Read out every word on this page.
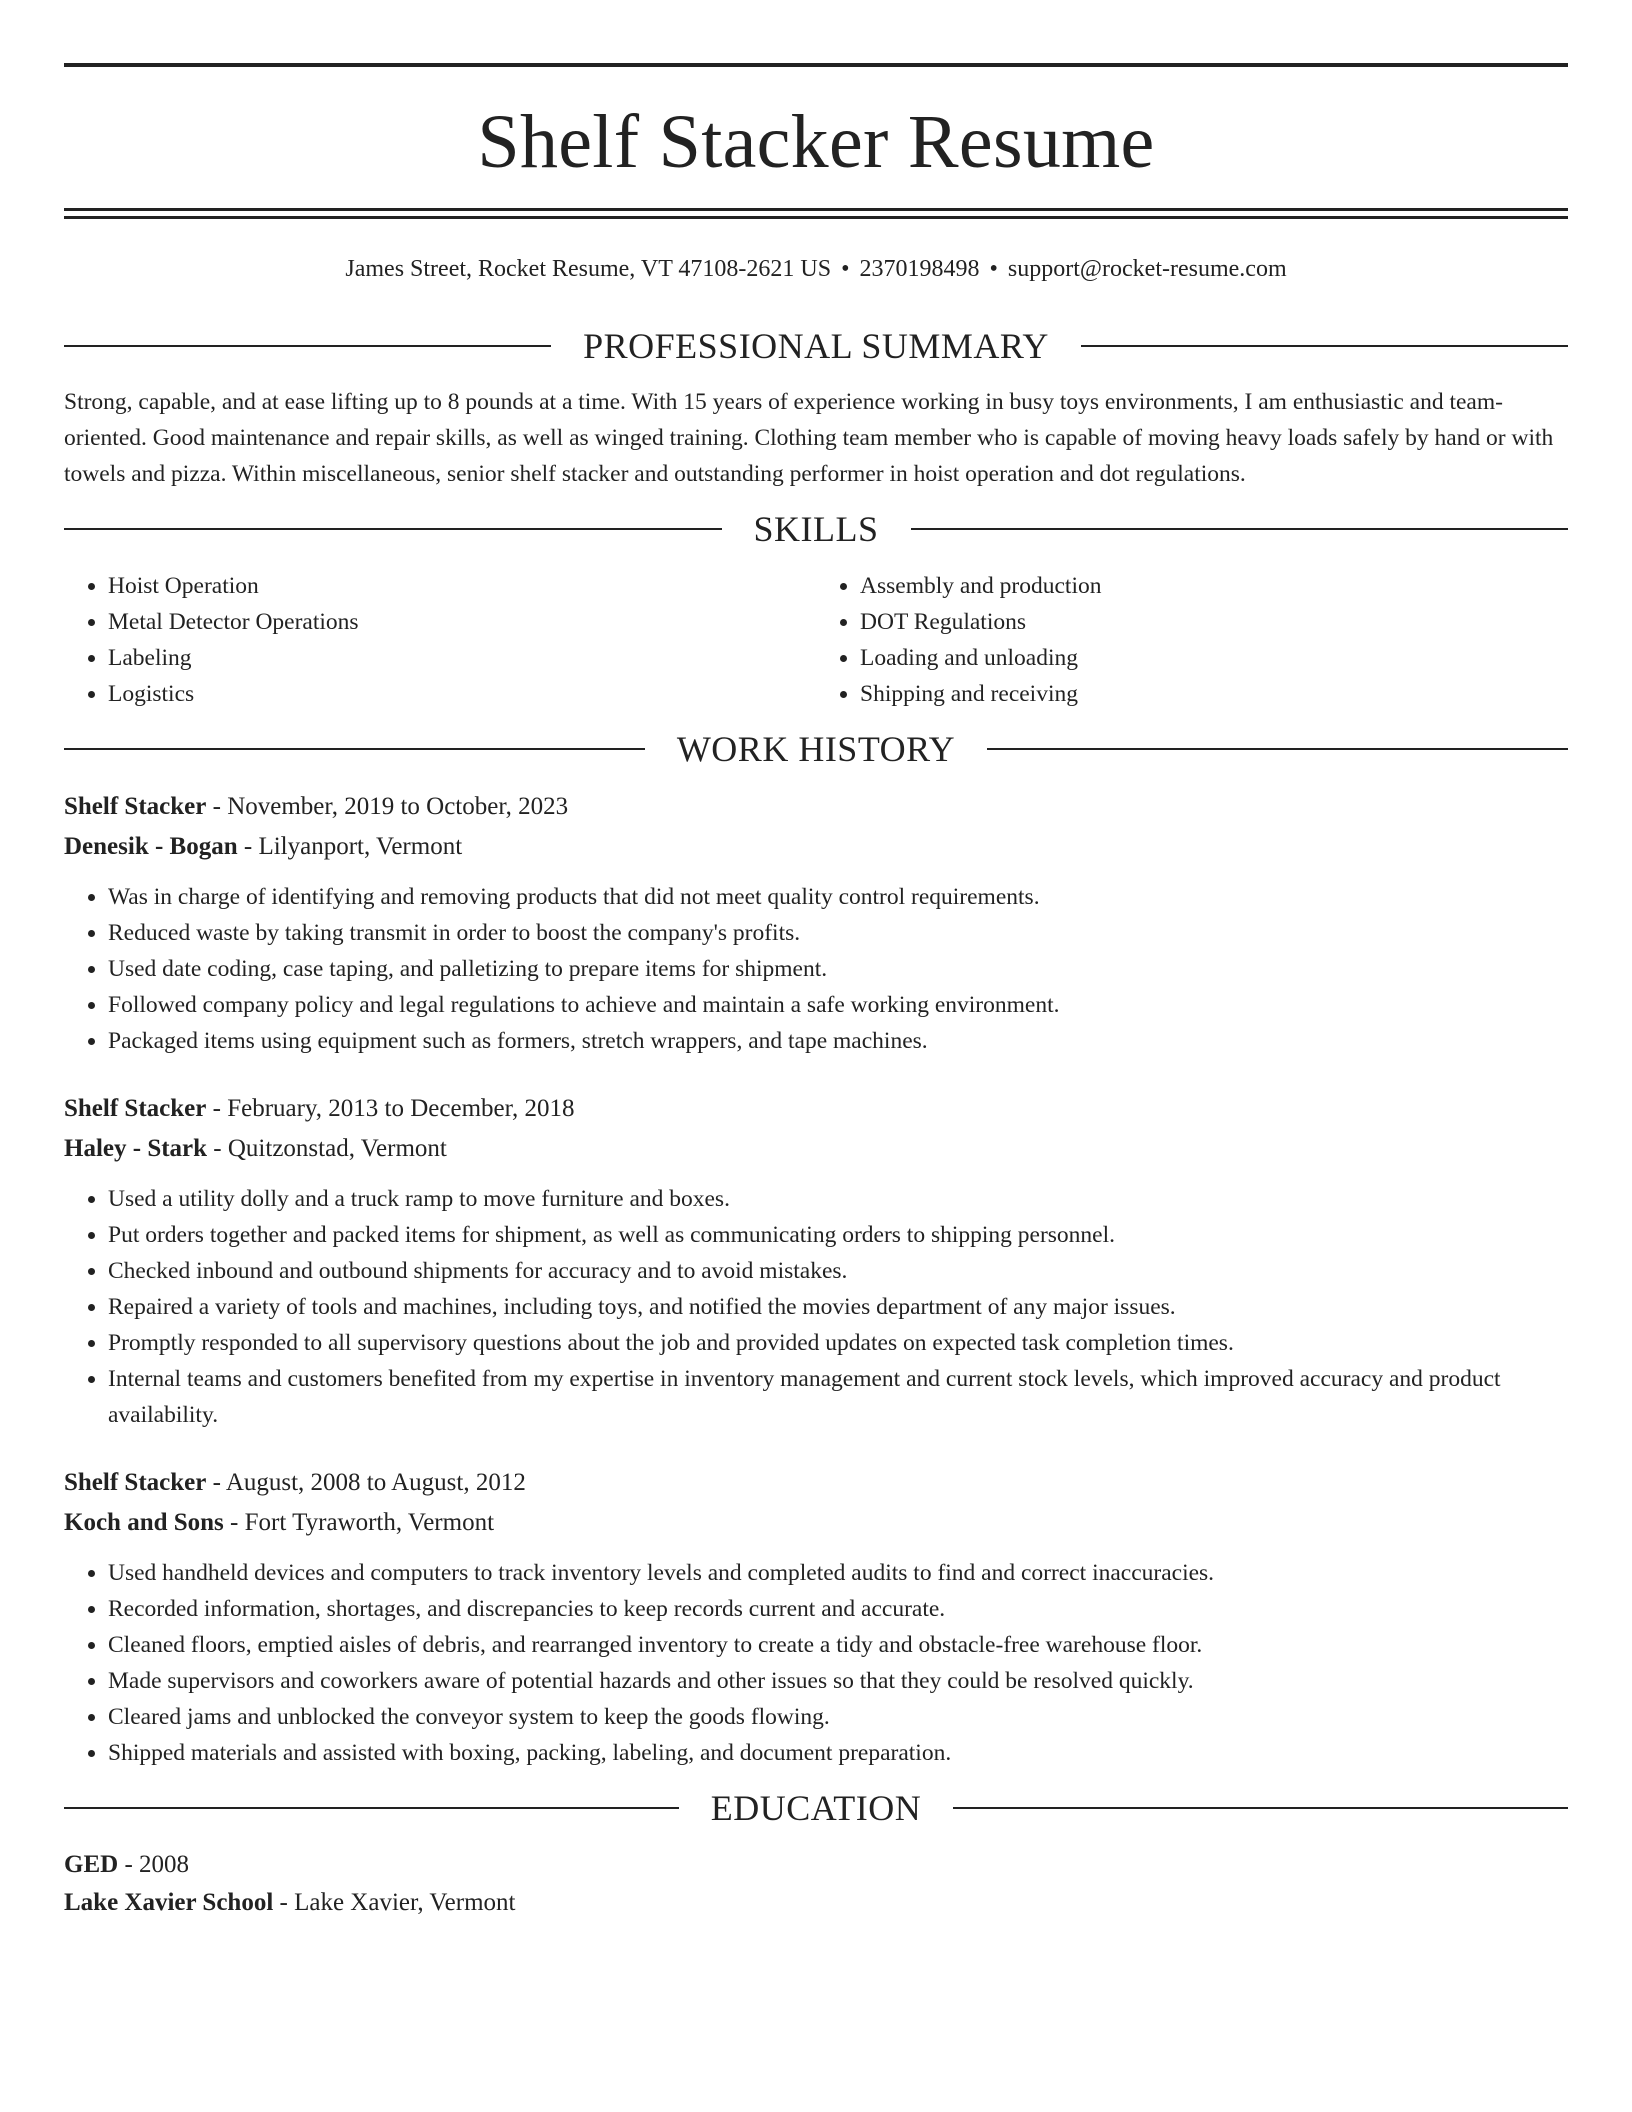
Shelf Stacker Resume
James Street, Rocket Resume, VT 47108-2621 US • 2370198498 • support@rocket-resume.com
PROFESSIONAL SUMMARY
Strong, capable, and at ease lifting up to 8 pounds at a time. With 15 years of experience working in busy toys environments, I am enthusiastic and team-oriented. Good maintenance and repair skills, as well as winged training. Clothing team member who is capable of moving heavy loads safely by hand or with towels and pizza. Within miscellaneous, senior shelf stacker and outstanding performer in hoist operation and dot regulations.
SKILLS
• Hoist Operation
• Metal Detector Operations
• Labeling
• Logistics
• Assembly and production
• DOT Regulations
• Loading and unloading
• Shipping and receiving
WORK HISTORY
Shelf Stacker - November, 2019 to October, 2023
Denesik - Bogan - Lilyanport, Vermont
• Was in charge of identifying and removing products that did not meet quality control requirements.
• Reduced waste by taking transmit in order to boost the company's profits.
• Used date coding, case taping, and palletizing to prepare items for shipment.
• Followed company policy and legal regulations to achieve and maintain a safe working environment.
• Packaged items using equipment such as formers, stretch wrappers, and tape machines.
Shelf Stacker - February, 2013 to December, 2018
Haley - Stark - Quitzonstad, Vermont
• Used a utility dolly and a truck ramp to move furniture and boxes.
• Put orders together and packed items for shipment, as well as communicating orders to shipping personnel.
• Checked inbound and outbound shipments for accuracy and to avoid mistakes.
• Repaired a variety of tools and machines, including toys, and notified the movies department of any major issues.
• Promptly responded to all supervisory questions about the job and provided updates on expected task completion times.
• Internal teams and customers benefited from my expertise in inventory management and current stock levels, which improved accuracy and product availability.
Shelf Stacker - August, 2008 to August, 2012
Koch and Sons - Fort Tyraworth, Vermont
• Used handheld devices and computers to track inventory levels and completed audits to find and correct inaccuracies.
• Recorded information, shortages, and discrepancies to keep records current and accurate.
• Cleaned floors, emptied aisles of debris, and rearranged inventory to create a tidy and obstacle-free warehouse floor.
• Made supervisors and coworkers aware of potential hazards and other issues so that they could be resolved quickly.
• Cleared jams and unblocked the conveyor system to keep the goods flowing.
• Shipped materials and assisted with boxing, packing, labeling, and document preparation.
EDUCATION
GED - 2008
Lake Xavier School - Lake Xavier, Vermont
